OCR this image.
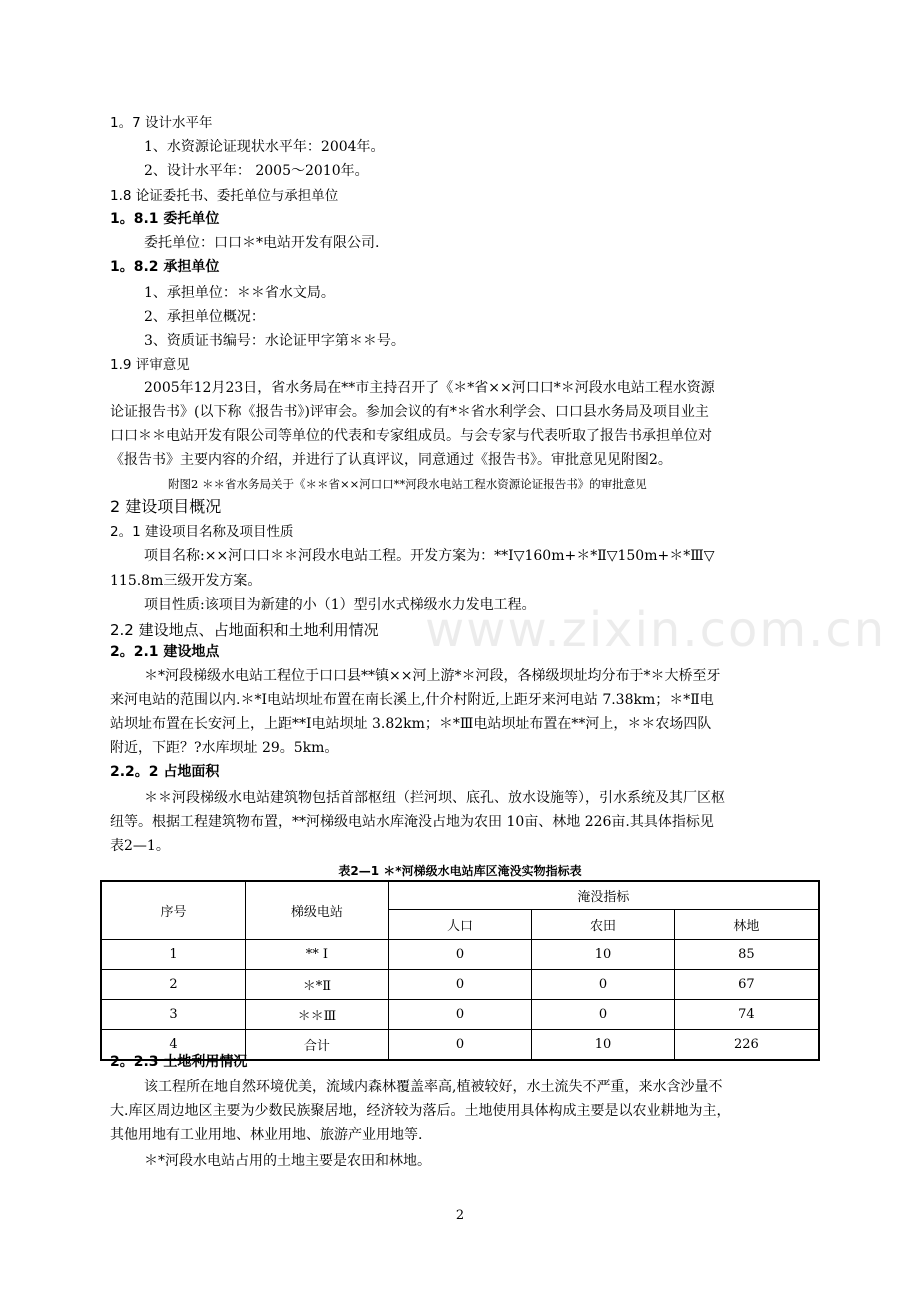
www.zixin.com.cn
1。7 设计水平年
1、水资源论证现状水平年：2004年。
2、设计水平年： 2005～2010年。
1.8 论证委托书、委托单位与承担单位
1。8.1 委托单位
委托单位：口口＊*电站开发有限公司.
1。8.2 承担单位
1、承担单位：＊＊省水文局。
2、承担单位概况：
3、资质证书编号：水论证甲字第＊＊号。
1.9 评审意见
2005年12月23日，省水务局在**市主持召开了《＊*省××河口口*＊河段水电站工程水资源
论证报告书》(以下称《报告书》)评审会。参加会议的有*＊省水利学会、口口县水务局及项目业主
口口＊＊电站开发有限公司等单位的代表和专家组成员。与会专家与代表听取了报告书承担单位对
《报告书》主要内容的介绍，并进行了认真评议，同意通过《报告书》。审批意见见附图2。
附图2 ＊＊省水务局关于《＊＊省××河口口**河段水电站工程水资源论证报告书》的审批意见
2 建设项目概况
2。1 建设项目名称及项目性质
项目名称:××河口口＊＊河段水电站工程。开发方案为：**Ⅰ▽160m+＊*Ⅱ▽150m+＊*Ⅲ▽
115.8m三级开发方案。
项目性质:该项目为新建的小（1）型引水式梯级水力发电工程。
2.2 建设地点、占地面积和土地利用情况
2。2.1 建设地点
＊*河段梯级水电站工程位于口口县**镇××河上游*＊河段，各梯级坝址均分布于*＊大桥至牙
来河电站的范围以内.＊*Ⅰ电站坝址布置在南长溪上,什介村附近,上距牙来河电站 7.38km；＊*Ⅱ电
站坝址布置在长安河上，上距**Ⅰ电站坝址 3.82km；＊*Ⅲ电站坝址布置在**河上，＊＊农场四队
附近，下距？?水库坝址 29。5km。
2.2。2 占地面积
＊＊河段梯级水电站建筑物包括首部枢纽（拦河坝、底孔、放水设施等），引水系统及其厂区枢
纽等。根据工程建筑物布置，**河梯级电站水库淹没占地为农田 10亩、林地 226亩.其具体指标见
表2—1。
表2—1 ＊*河梯级水电站库区淹没实物指标表
序号	梯级电站	淹没指标		
		人口	农田	林地
1	** Ⅰ	0	10	85
2	＊*Ⅱ	0	0	67
3	＊＊Ⅲ	0	0	74
4	合计	0	10	226
2。2.3 土地利用情况
该工程所在地自然环境优美，流域内森林覆盖率高,植被较好，水土流失不严重，来水含沙量不
大.库区周边地区主要为少数民族聚居地，经济较为落后。土地使用具体构成主要是以农业耕地为主，
其他用地有工业用地、林业用地、旅游产业用地等.
＊*河段水电站占用的土地主要是农田和林地。
2
